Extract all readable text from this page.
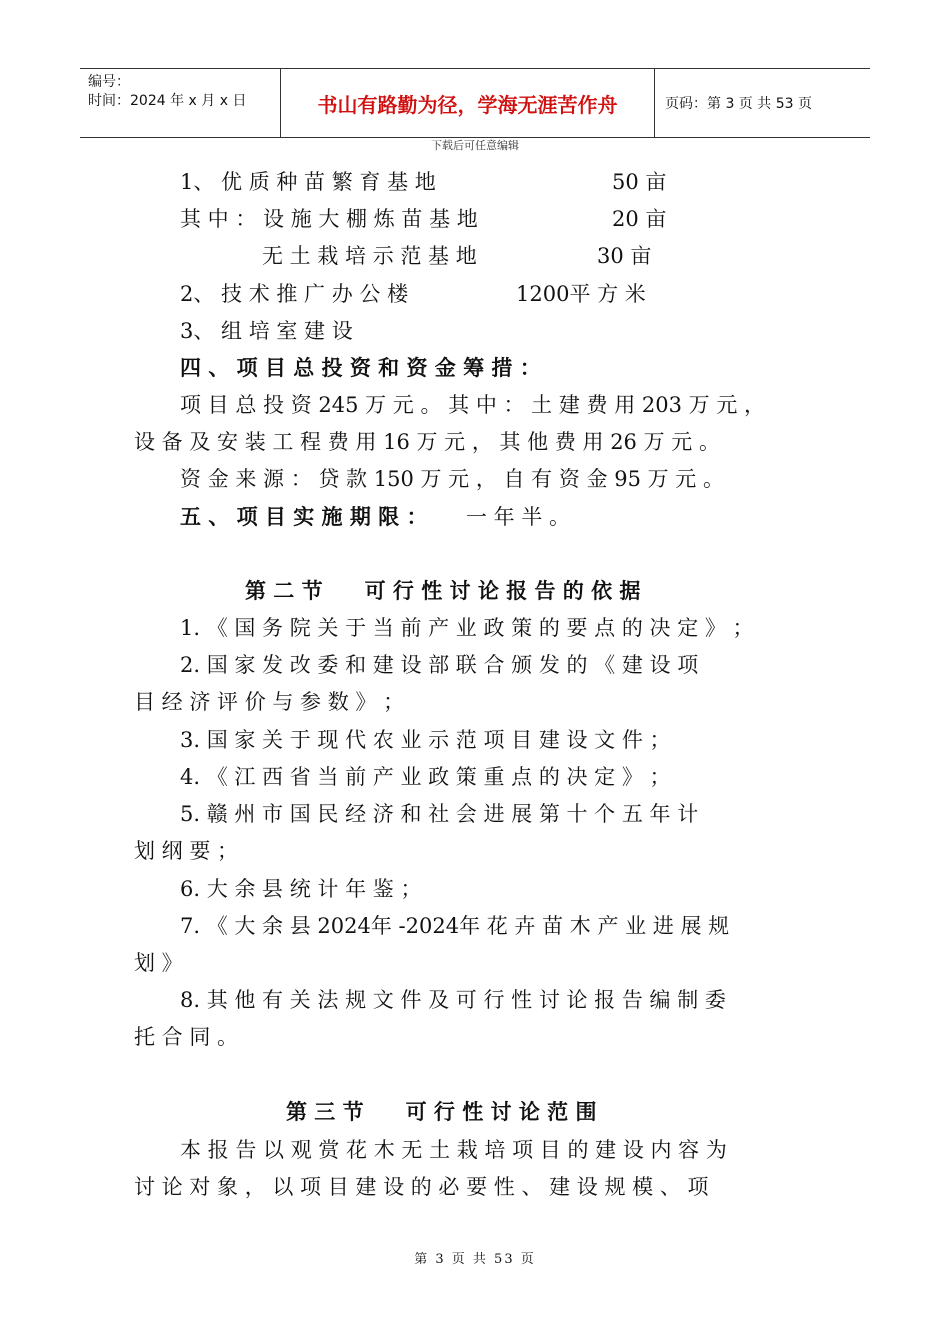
编号：
时间：2024 年 x 月 x 日	书山有路勤为径，学海无涯苦作舟	页码：第 3 页 共 53 页
下载后可任意编辑
1、 优 质 种 苗 繁 育 基 地	50 亩
其 中 ： 设 施 大 棚 炼 苗 基 地	20 亩
无 土 栽 培 示 范 基 地	30 亩
2、 技 术 推 广 办 公 楼	1200平 方 米
3、 组 培 室 建 设
四 、 项 目 总 投 资 和 资 金 筹 措 ：
项 目 总 投 资 245 万 元 。 其 中 ： 土 建 费 用 203 万 元 ，
设 备 及 安 装 工 程 费 用 16 万 元 ， 其 他 费 用 26 万 元 。
资 金 来 源 ： 贷 款 150 万 元 ， 自 有 资 金 95 万 元 。
五 、 项 目 实 施 期 限 ： 一 年 半 。
第 二 节　　可 行 性 讨 论 报 告 的 依 据
1. 《 国 务 院 关 于 当 前 产 业 政 策 的 要 点 的 决 定 》 ；
2. 国 家 发 改 委 和 建 设 部 联 合 颁 发 的 《 建 设 项
目 经 济 评 价 与 参 数 》 ；
3. 国 家 关 于 现 代 农 业 示 范 项 目 建 设 文 件 ；
4. 《 江 西 省 当 前 产 业 政 策 重 点 的 决 定 》 ；
5. 赣 州 市 国 民 经 济 和 社 会 进 展 第 十 个 五 年 计
划 纲 要 ；
6. 大 余 县 统 计 年 鉴 ；
7. 《 大 余 县 2024年 -2024年 花 卉 苗 木 产 业 进 展 规
划 》
8. 其 他 有 关 法 规 文 件 及 可 行 性 讨 论 报 告 编 制 委
托 合 同 。
第 三 节　　可 行 性 讨 论 范 围
本 报 告 以 观 赏 花 木 无 土 栽 培 项 目 的 建 设 内 容 为
讨 论 对 象 ， 以 项 目 建 设 的 必 要 性 、 建 设 规 模 、 项
第 3 页 共 53 页
